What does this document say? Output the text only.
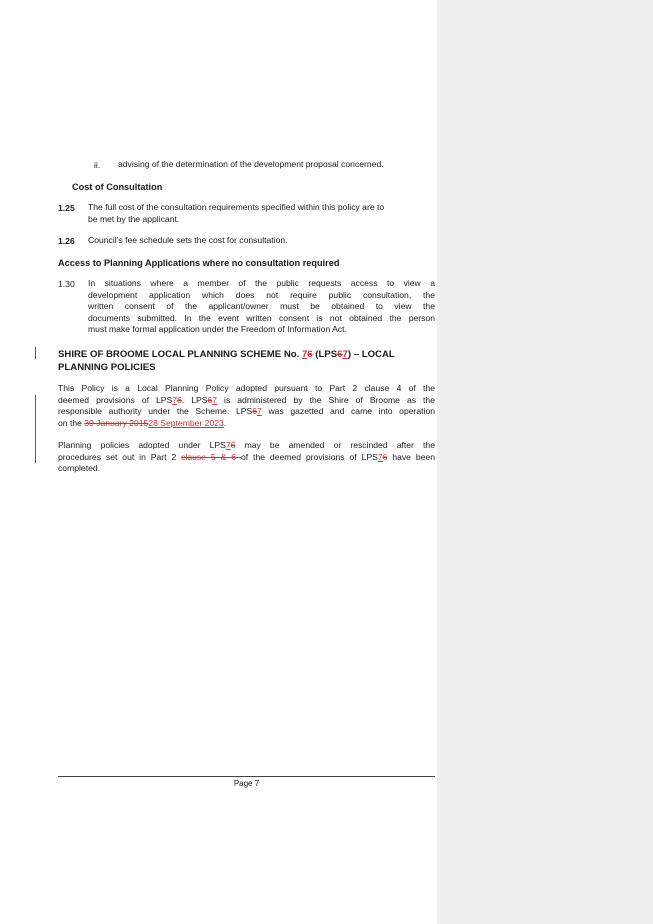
ii. advising of the determination of the development proposal concerned.

Cost of Consultation

1.25 The full cost of the consultation requirements specified within this policy are to
be met by the applicant.

1.26 Council’s fee schedule sets the cost for consultation.

Access to Planning Applications where no consultation required

1.30 In situations where a member of the public requests access to view a
development application which does not require public consultation, the
written consent of the applicant/owner must be obtained to view the
documents submitted. In the event written consent is not obtained the person
must make formal application under the Freedom of Information Act.
SHIRE OF BROOME LOCAL PLANNING SCHEME No. 76 (LPS67) – LOCAL
PLANNING POLICIES
This Policy is a Local Planning Policy adopted pursuant to Part 2 clause 4 of the
deemed provisions of LPS76. LPS67 is administered by the Shire of Broome as the
responsible authority under the Scheme. LPS67 was gazetted and came into operation
on the 30 January 201528 September 2023.
Planning policies adopted under LPS76 may be amended or rescinded after the
procedures set out in Part 2 clause 5 & 6 of the deemed provisions of LPS76 have been
completed.
Page 7
